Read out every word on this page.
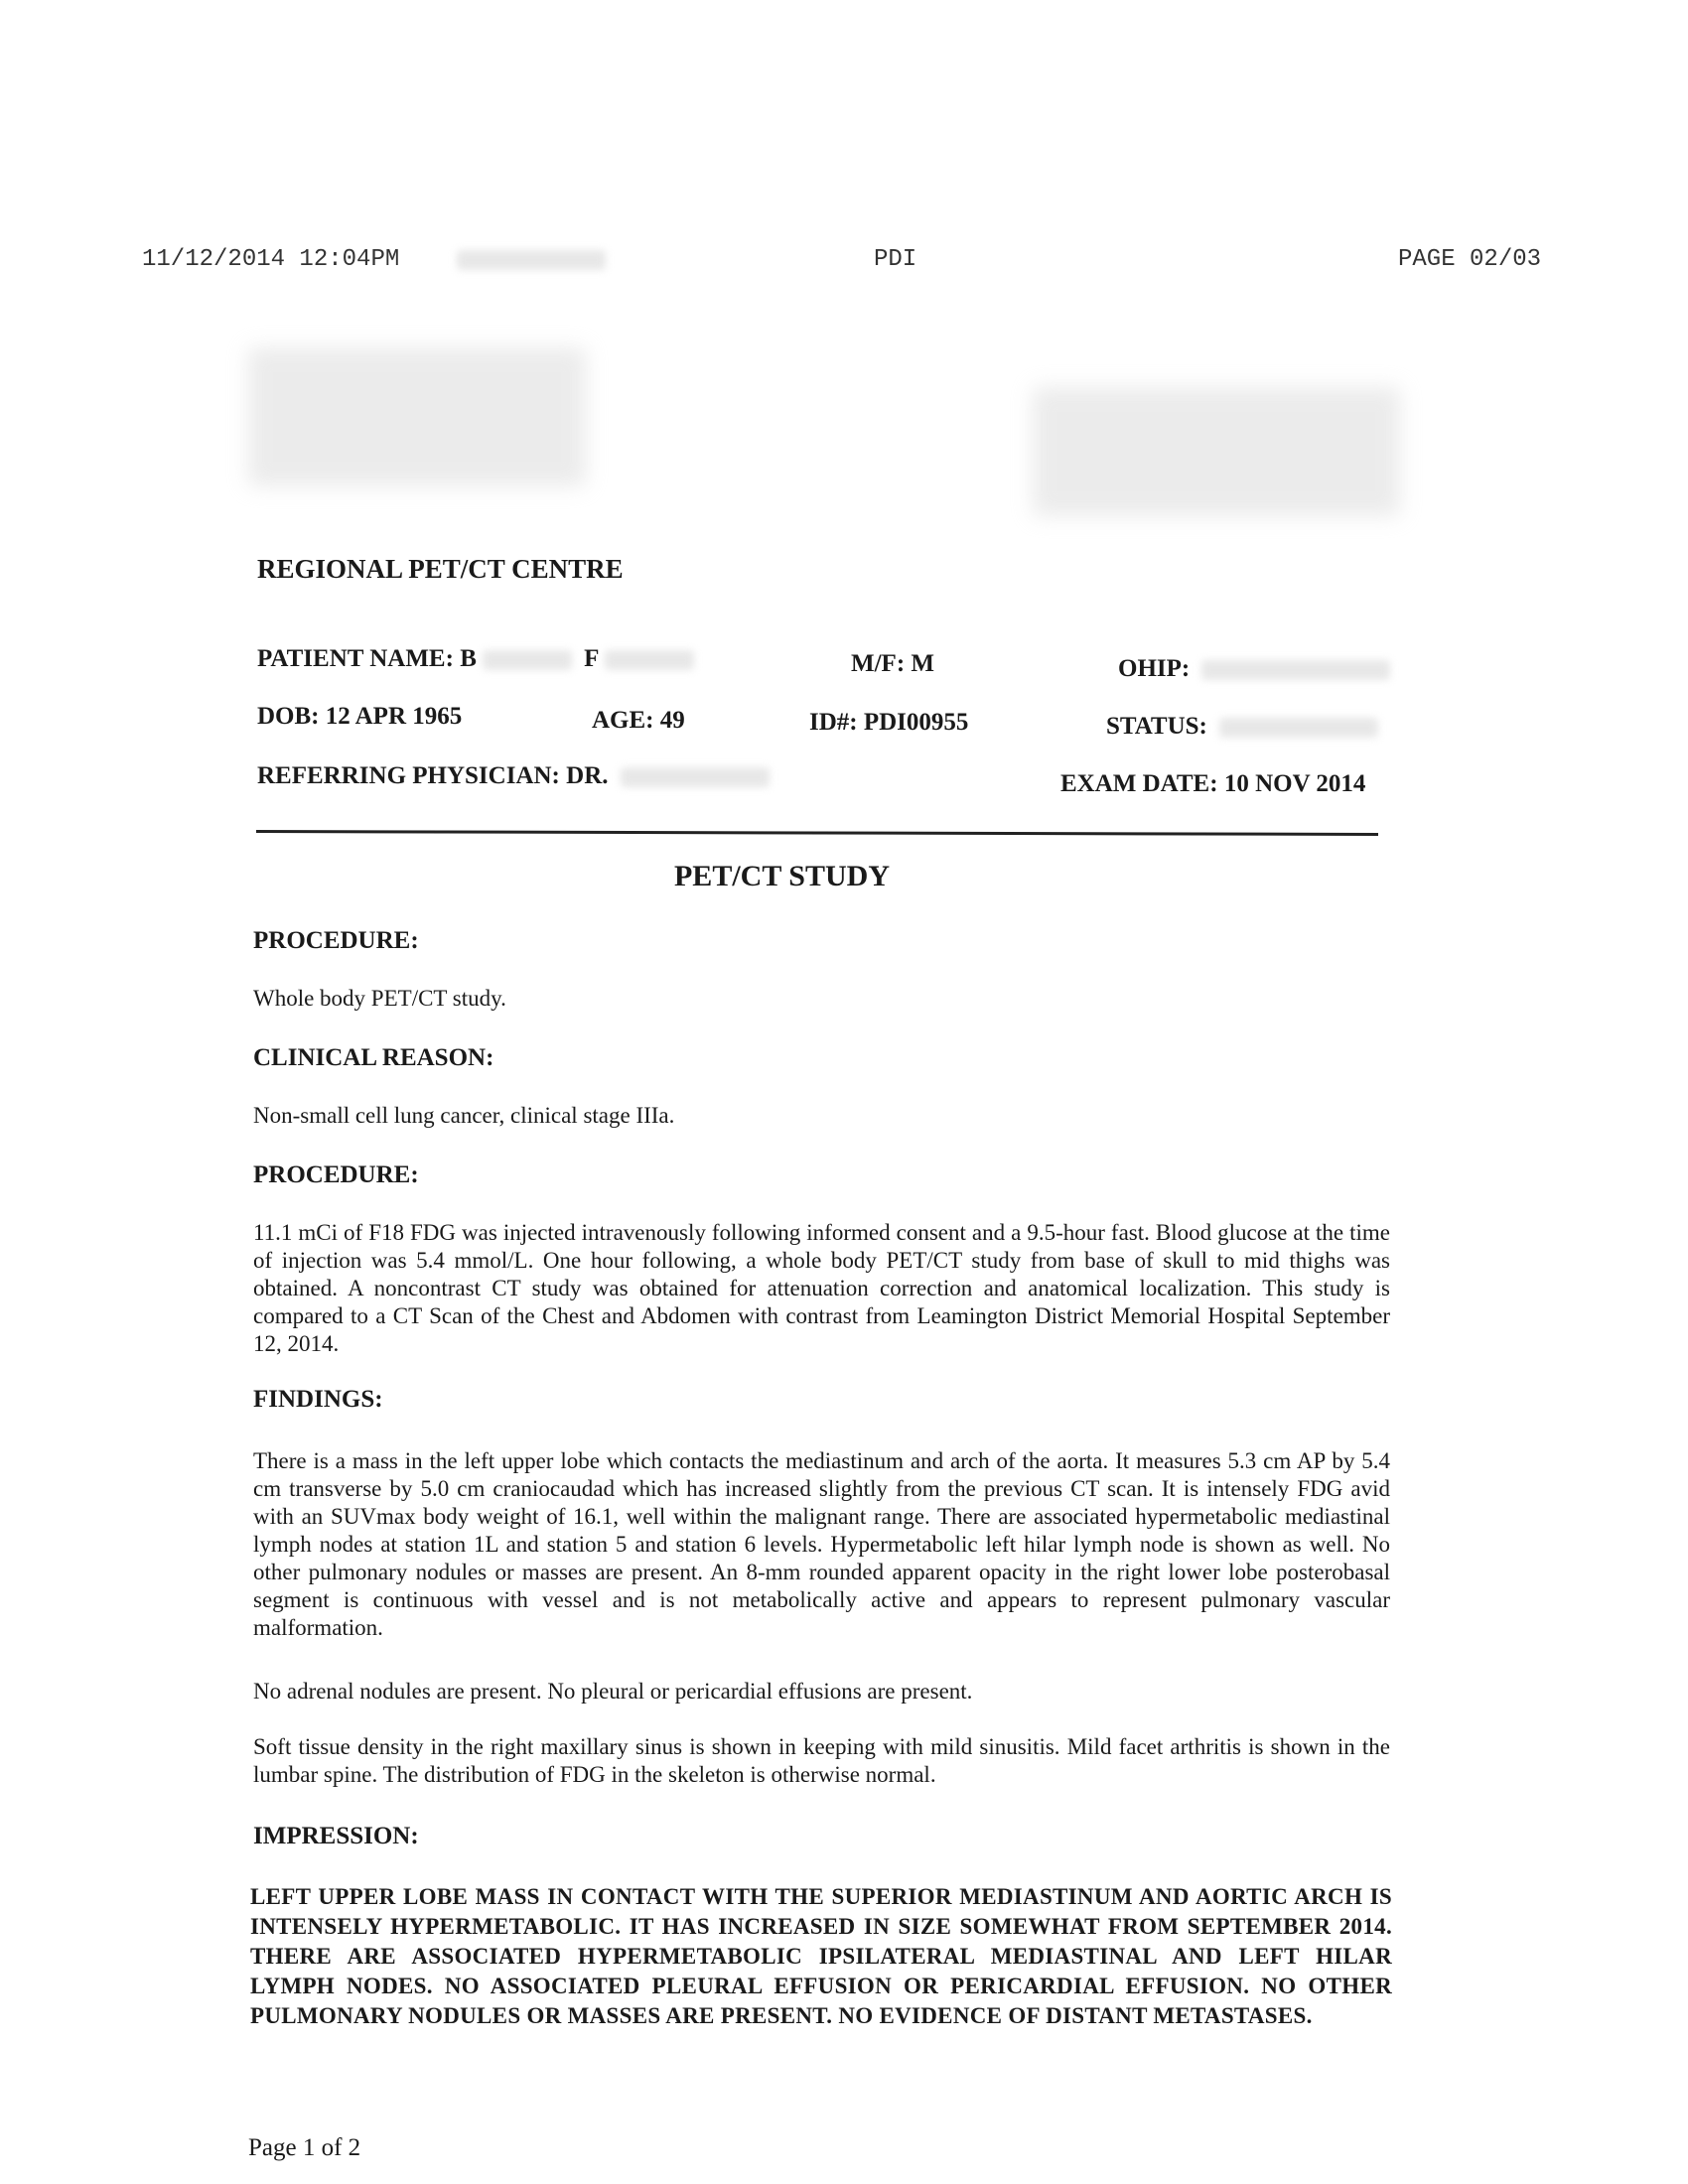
11/12/2014 12:04PM	PDI	PAGE 02/03
REGIONAL PET/CT CENTRE
PATIENT NAME: B	F	M/F: M	OHIP:
DOB: 12 APR 1965	AGE: 49	ID#: PDI00955	STATUS:
REFERRING PHYSICIAN: DR.	EXAM DATE: 10 NOV 2014
PET/CT STUDY
PROCEDURE:
Whole body PET/CT study.
CLINICAL REASON:
Non-small cell lung cancer, clinical stage IIIa.
PROCEDURE:
11.1 mCi of F18 FDG was injected intravenously following informed consent and a 9.5-hour fast. Blood glucose at the time of injection was 5.4 mmol/L. One hour following, a whole body PET/CT study from base of skull to mid thighs was obtained. A noncontrast CT study was obtained for attenuation correction and anatomical localization. This study is compared to a CT Scan of the Chest and Abdomen with contrast from Leamington District Memorial Hospital September 12, 2014.
FINDINGS:
There is a mass in the left upper lobe which contacts the mediastinum and arch of the aorta. It measures 5.3 cm AP by 5.4 cm transverse by 5.0 cm craniocaudad which has increased slightly from the previous CT scan. It is intensely FDG avid with an SUVmax body weight of 16.1, well within the malignant range. There are associated hypermetabolic mediastinal lymph nodes at station 1L and station 5 and station 6 levels. Hypermetabolic left hilar lymph node is shown as well. No other pulmonary nodules or masses are present. An 8-mm rounded apparent opacity in the right lower lobe posterobasal segment is continuous with vessel and is not metabolically active and appears to represent pulmonary vascular malformation.
No adrenal nodules are present. No pleural or pericardial effusions are present.
Soft tissue density in the right maxillary sinus is shown in keeping with mild sinusitis. Mild facet arthritis is shown in the lumbar spine. The distribution of FDG in the skeleton is otherwise normal.
IMPRESSION:
LEFT UPPER LOBE MASS IN CONTACT WITH THE SUPERIOR MEDIASTINUM AND AORTIC ARCH IS INTENSELY HYPERMETABOLIC. IT HAS INCREASED IN SIZE SOMEWHAT FROM SEPTEMBER 2014. THERE ARE ASSOCIATED HYPERMETABOLIC IPSILATERAL MEDIASTINAL AND LEFT HILAR LYMPH NODES. NO ASSOCIATED PLEURAL EFFUSION OR PERICARDIAL EFFUSION. NO OTHER PULMONARY NODULES OR MASSES ARE PRESENT. NO EVIDENCE OF DISTANT METASTASES.
Page 1 of 2
